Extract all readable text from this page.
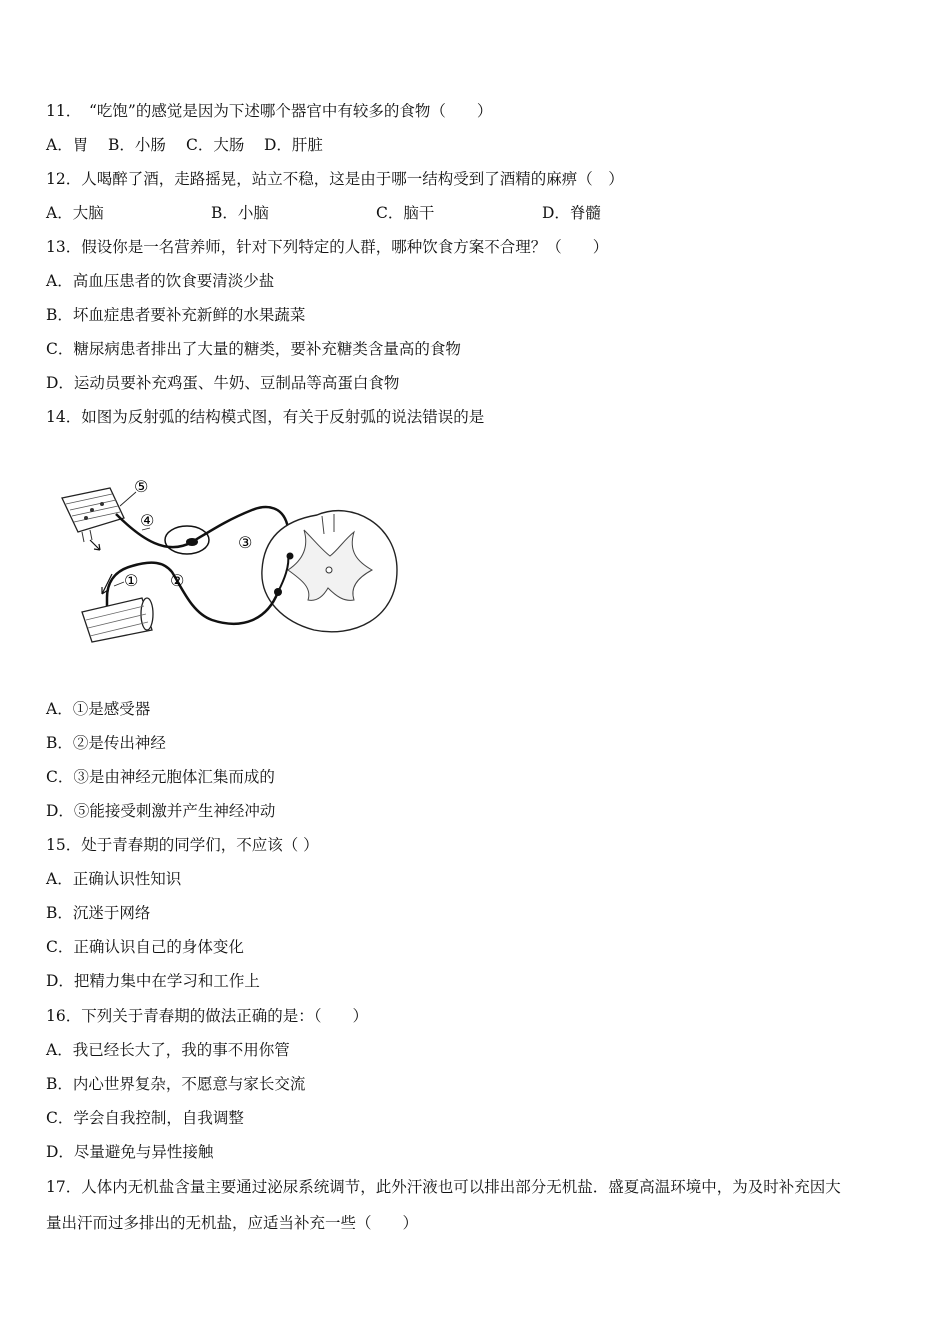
11．　“吃饱”的感觉是因为下述哪个器官中有较多的食物（　　）
A．胃 B．小肠 C．大肠 D．肝脏
12．人喝醉了酒，走路摇晃，站立不稳，这是由于哪一结构受到了酒精的麻痹（　）
A．大脑	B．小脑	C．脑干	D．脊髓
13．假设你是一名营养师，针对下列特定的人群，哪种饮食方案不合理？（　　）
A．高血压患者的饮食要清淡少盐
B．坏血症患者要补充新鲜的水果蔬菜
C．糖尿病患者排出了大量的糖类，要补充糖类含量高的食物
D．运动员要补充鸡蛋、牛奶、豆制品等高蛋白食物
14．如图为反射弧的结构模式图，有关于反射弧的说法错误的是
⑤
④
③
① ②
A．①是感受器
B．②是传出神经
C．③是由神经元胞体汇集而成的
D．⑤能接受刺激并产生神经冲动
15．处于青春期的同学们，不应该（ ）
A．正确认识性知识
B．沉迷于网络
C．正确认识自己的身体变化
D．把精力集中在学习和工作上
16．下列关于青春期的做法正确的是：（　　）
A．我已经长大了，我的事不用你管
B．内心世界复杂，不愿意与家长交流
C．学会自我控制，自我调整
D．尽量避免与异性接触
17．人体内无机盐含量主要通过泌尿系统调节，此外汗液也可以排出部分无机盐．盛夏高温环境中，为及时补充因大
量出汗而过多排出的无机盐，应适当补充一些（　　）
